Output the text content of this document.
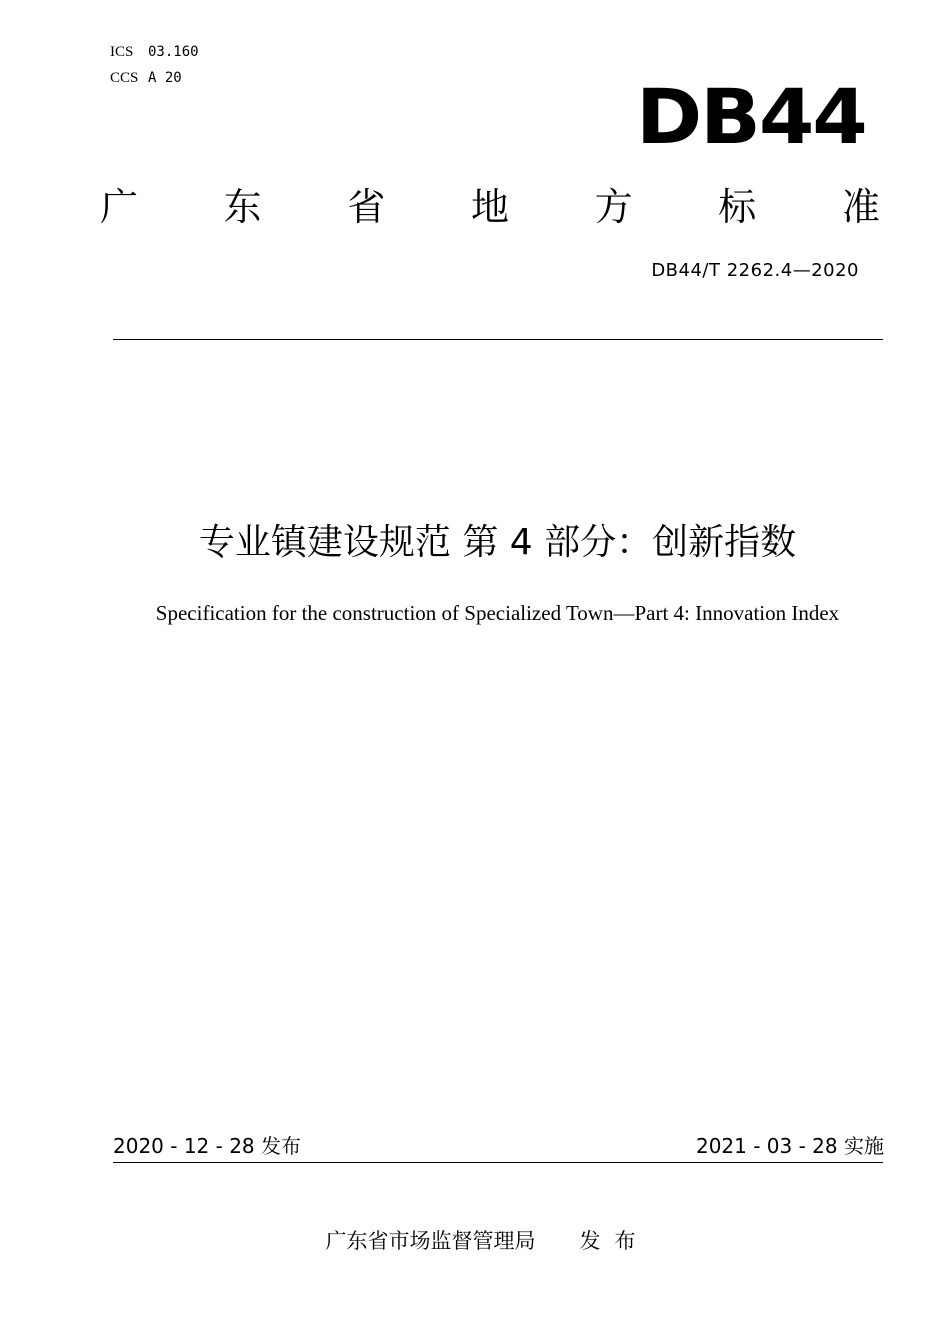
ICS 03.160
CCS A 20	DB44
广 东 省 地 方 标 准
DB44/T 2262.4—2020
专业镇建设规范 第 4 部分：创新指数
Specification for the construction of Specialized Town—Part 4: Innovation Index
2020 - 12 - 28 发布	2021 - 03 - 28 实施
广东省市场监督管理局 发布
